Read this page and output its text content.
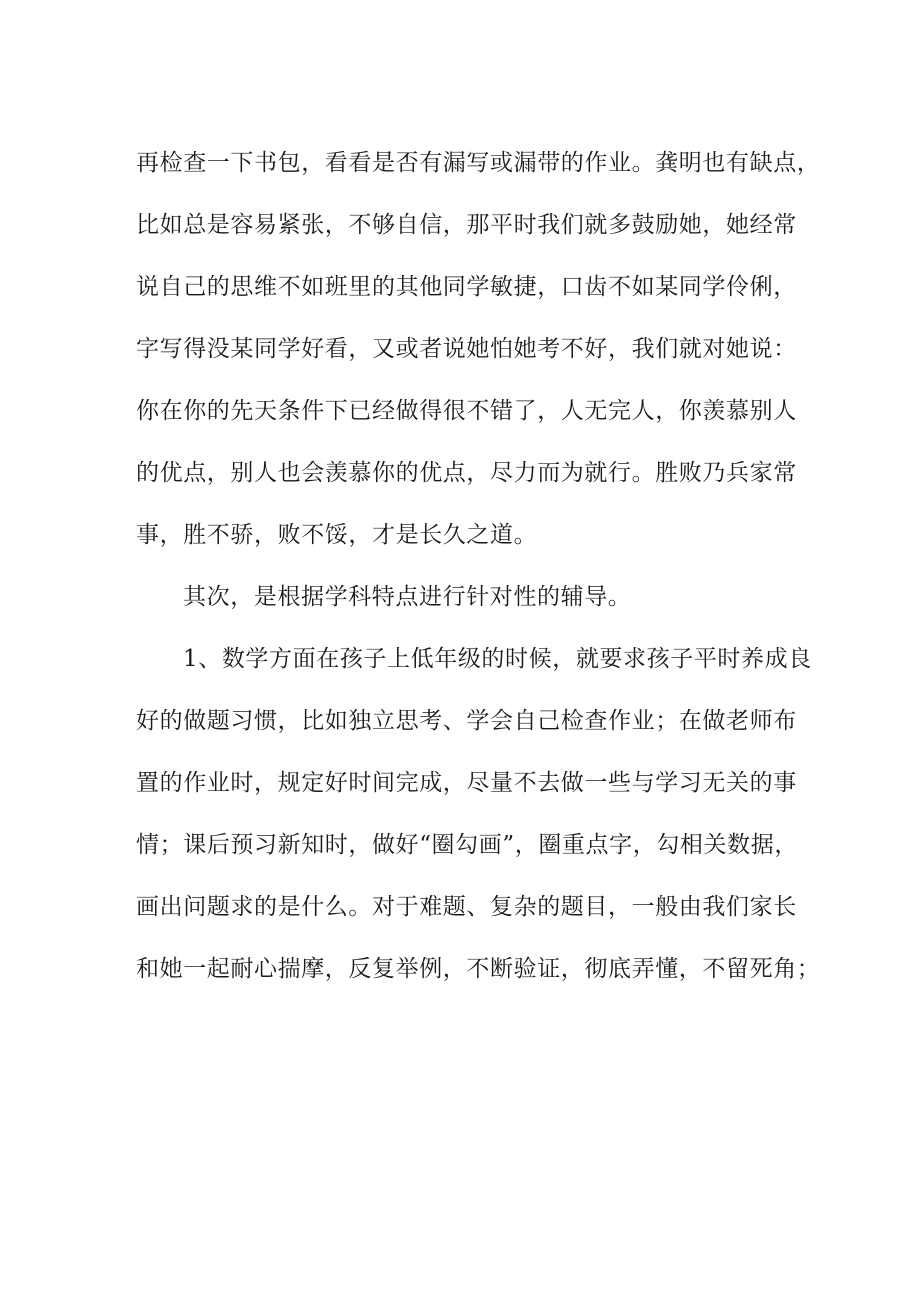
再检查一下书包，看看是否有漏写或漏带的作业。龚明也有缺点，
比如总是容易紧张，不够自信，那平时我们就多鼓励她，她经常
说自己的思维不如班里的其他同学敏捷，口齿不如某同学伶俐，
字写得没某同学好看，又或者说她怕她考不好，我们就对她说：
你在你的先天条件下已经做得很不错了，人无完人，你羡慕别人
的优点，别人也会羡慕你的优点，尽力而为就行。胜败乃兵家常
事，胜不骄，败不馁，才是长久之道。
其次，是根据学科特点进行针对性的辅导。
1、数学方面在孩子上低年级的时候，就要求孩子平时养成良
好的做题习惯，比如独立思考、学会自己检查作业；在做老师布
置的作业时，规定好时间完成，尽量不去做一些与学习无关的事
情；课后预习新知时，做好“圈勾画”，圈重点字，勾相关数据，
画出问题求的是什么。对于难题、复杂的题目，一般由我们家长
和她一起耐心揣摩，反复举例，不断验证，彻底弄懂，不留死角；
